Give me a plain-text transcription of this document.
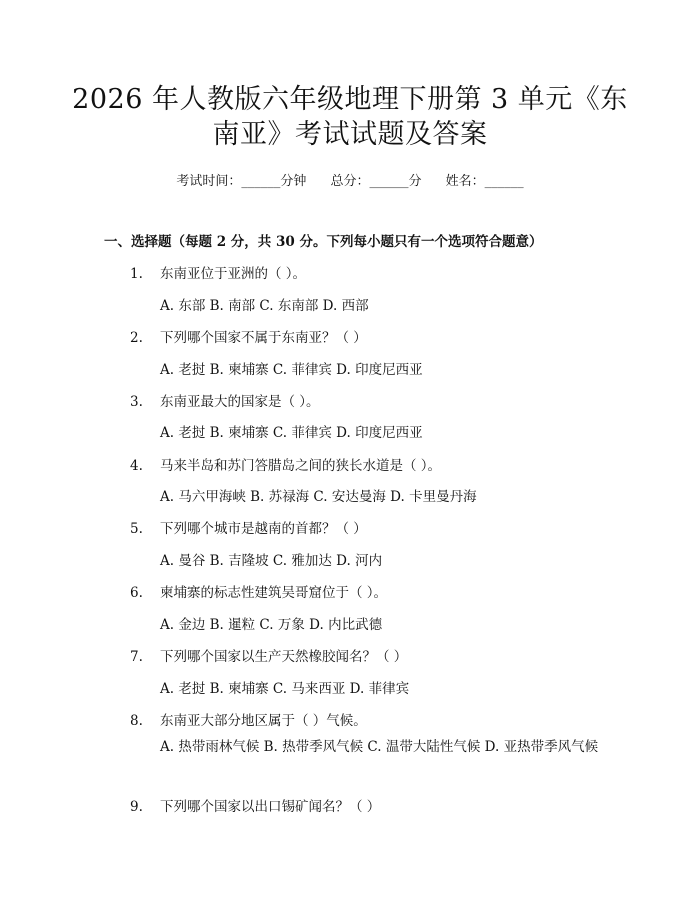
2026 年人教版六年级地理下册第 3 单元《东
南亚》考试试题及答案
考试时间：______分钟 总分：______分 姓名：______
一、选择题（每题 2 分，共 30 分。下列每小题只有一个选项符合题意）
1. 东南亚位于亚洲的（ ）。
A. 东部 B. 南部 C. 东南部 D. 西部
2. 下列哪个国家不属于东南亚？（ ）
A. 老挝 B. 柬埔寨 C. 菲律宾 D. 印度尼西亚
3. 东南亚最大的国家是（ ）。
A. 老挝 B. 柬埔寨 C. 菲律宾 D. 印度尼西亚
4. 马来半岛和苏门答腊岛之间的狭长水道是（ ）。
A. 马六甲海峡 B. 苏禄海 C. 安达曼海 D. 卡里曼丹海
5. 下列哪个城市是越南的首都？（ ）
A. 曼谷 B. 吉隆坡 C. 雅加达 D. 河内
6. 柬埔寨的标志性建筑吴哥窟位于（ ）。
A. 金边 B. 暹粒 C. 万象 D. 内比武德
7. 下列哪个国家以生产天然橡胶闻名？（ ）
A. 老挝 B. 柬埔寨 C. 马来西亚 D. 菲律宾
8. 东南亚大部分地区属于（ ）气候。
A. 热带雨林气候 B. 热带季风气候 C. 温带大陆性气候 D. 亚热带季风气候
9. 下列哪个国家以出口锡矿闻名？（ ）
